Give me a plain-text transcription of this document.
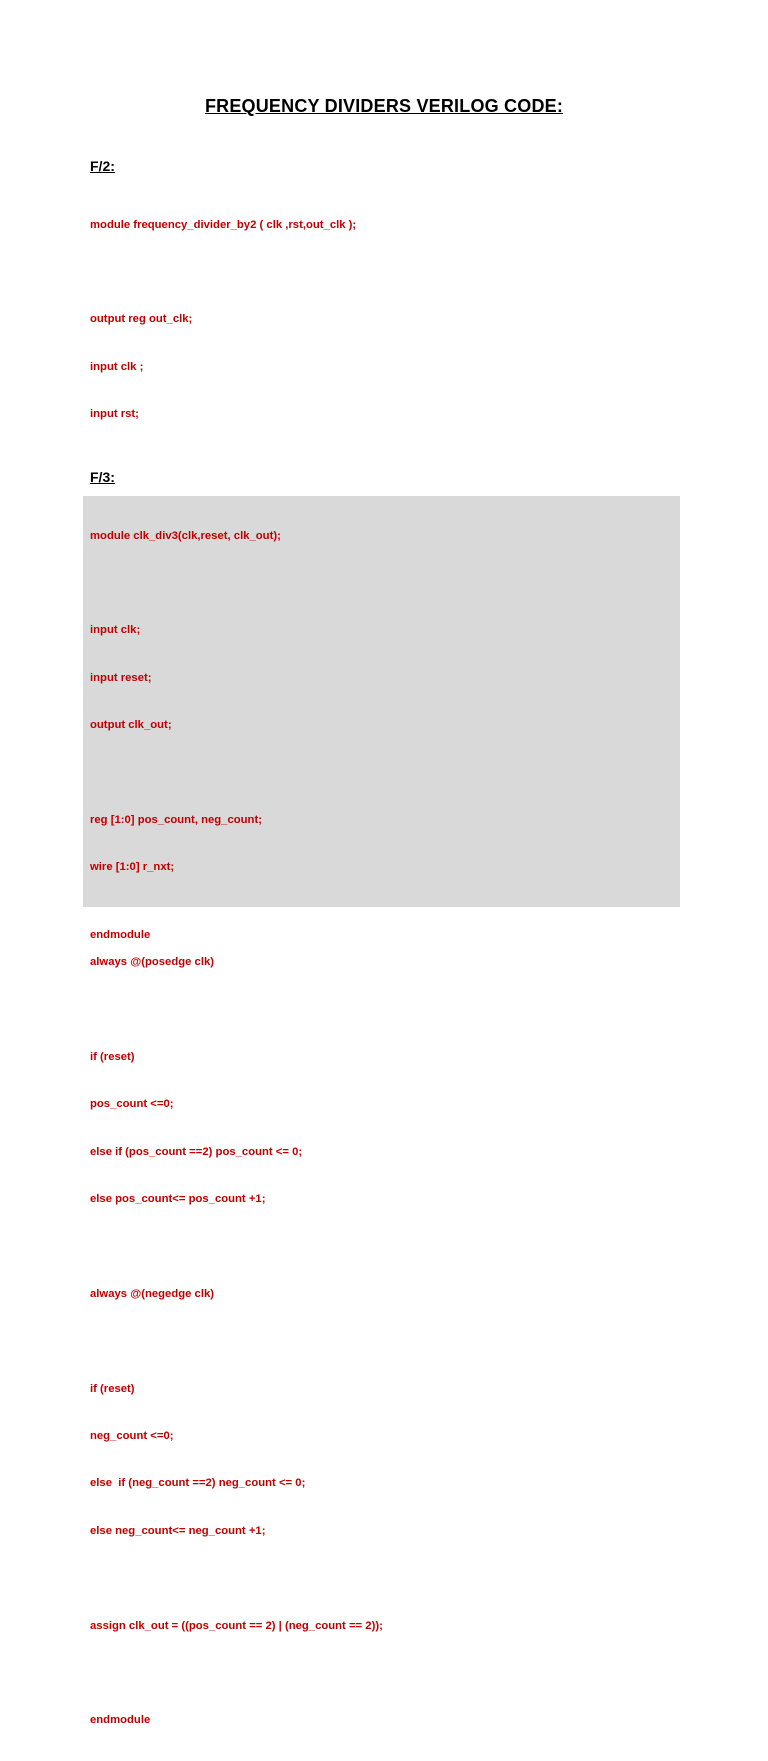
FREQUENCY DIVIDERS VERILOG CODE:
F/2:

module frequency_divider_by2 ( clk ,rst,out_clk );

output reg out_clk;

input clk ;

input rst;

endmodule

F/3:

module clk_div3(clk,reset, clk_out);

input clk;

input reset;

output clk_out;

reg [1:0] pos_count, neg_count;

wire [1:0] r_nxt;

always @(posedge clk)

if (reset)

pos_count <=0;

else if (pos_count ==2) pos_count <= 0;

else pos_count<= pos_count +1;

always @(negedge clk)

if (reset)

neg_count <=0;

else  if (neg_count ==2) neg_count <= 0;

else neg_count<= neg_count +1;

assign clk_out = ((pos_count == 2) | (neg_count == 2));

endmodule
